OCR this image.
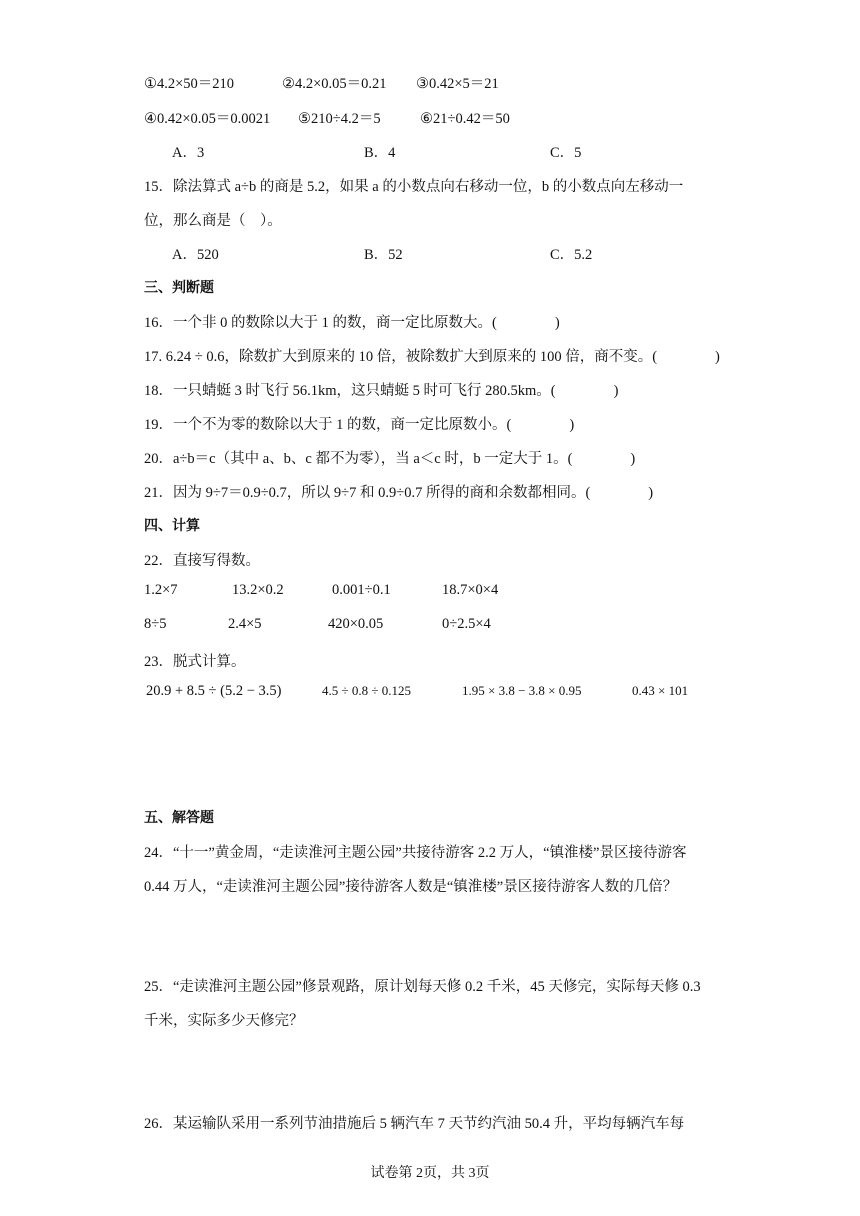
①4.2×50＝210	②4.2×0.05＝0.21 ③0.42×5＝21
④0.42×0.05＝0.0021 ⑤210÷4.2＝5	⑥21÷0.42＝50
A．3	B．4	C．5
15．除法算式 a÷b 的商是 5.2，如果 a 的小数点向右移动一位，b 的小数点向左移动一
位，那么商是（　）。
A．520	B．52	C．5.2
三、判断题
16．一个非 0 的数除以大于 1 的数，商一定比原数大。(　　　　)
17. 6.24 ÷ 0.6，除数扩大到原来的 10 倍，被除数扩大到原来的 100 倍，商不变。(　　　　)
18．一只蜻蜓 3 时飞行 56.1km，这只蜻蜓 5 时可飞行 280.5km。(　　　　)
19．一个不为零的数除以大于 1 的数，商一定比原数小。(　　　　)
20．a÷b＝c（其中 a、b、c 都不为零），当 a＜c 时，b 一定大于 1。(　　　　)
21．因为 9÷7＝0.9÷0.7，所以 9÷7 和 0.9÷0.7 所得的商和余数都相同。(　　　　)
四、计算
22．直接写得数。
1.2×7	13.2×0.2	0.001÷0.1	18.7×0×4
8÷5	2.4×5	420×0.05	0÷2.5×4
23．脱式计算。
20.9 + 8.5 ÷ (5.2 − 3.5)	4.5 ÷ 0.8 ÷ 0.125	1.95 × 3.8 − 3.8 × 0.95	0.43 × 101
五、解答题
24．“十一”黄金周，“走读淮河主题公园”共接待游客 2.2 万人，“镇淮楼”景区接待游客
0.44 万人，“走读淮河主题公园”接待游客人数是“镇淮楼”景区接待游客人数的几倍？
25．“走读淮河主题公园”修景观路，原计划每天修 0.2 千米，45 天修完，实际每天修 0.3
千米，实际多少天修完？
26．某运输队采用一系列节油措施后 5 辆汽车 7 天节约汽油 50.4 升，平均每辆汽车每
试卷第 2页，共 3页
